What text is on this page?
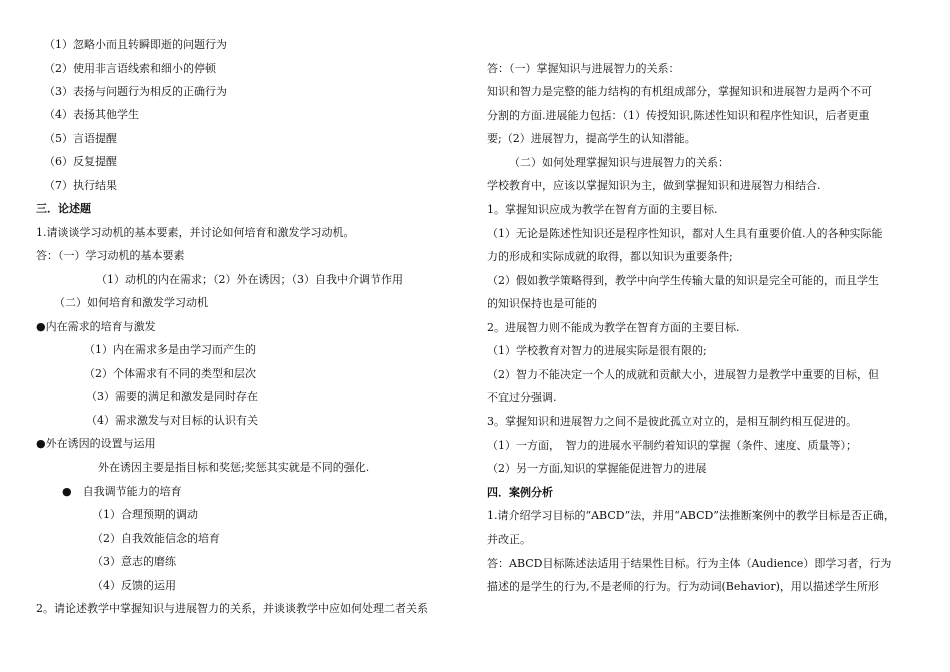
（1）忽略小而且转瞬即逝的问题行为
（2）使用非言语线索和细小的停顿
（3）表扬与问题行为相反的正确行为
（4）表扬其他学生
（5）言语提醒
（6）反复提醒
（7）执行结果
三．论述题
1.请谈谈学习动机的基本要素，并讨论如何培育和激发学习动机。
答：（一）学习动机的基本要素
（1）动机的内在需求；（2）外在诱因；（3）自我中介调节作用
（二）如何培育和激发学习动机
●内在需求的培育与激发
（1）内在需求多是由学习而产生的
（2）个体需求有不同的类型和层次
（3）需要的满足和激发是同时存在
（4）需求激发与对目标的认识有关
●外在诱因的设置与运用
外在诱因主要是指目标和奖惩;奖惩其实就是不同的强化.
●　自我调节能力的培育
（1）合理预期的调动
（2）自我效能信念的培育
（3）意志的磨练
（4）反馈的运用
2。请论述教学中掌握知识与进展智力的关系，并谈谈教学中应如何处理二者关系
答：（一）掌握知识与进展智力的关系：
知识和智力是完整的能力结构的有机组成部分，掌握知识和进展智力是两个不可
分割的方面.进展能力包括：（1）传授知识,陈述性知识和程序性知识，后者更重
要;（2）进展智力，提高学生的认知潜能。
（二）如何处理掌握知识与进展智力的关系：
学校教育中，应该以掌握知识为主，做到掌握知识和进展智力相结合.
1。掌握知识应成为教学在智育方面的主要目标.
（1）无论是陈述性知识还是程序性知识，都对人生具有重要价值.人的各种实际能
力的形成和实际成就的取得，都以知识为重要条件;
（2）假如教学策略得到，教学中向学生传输大量的知识是完全可能的，而且学生
的知识保持也是可能的
2。进展智力则不能成为教学在智育方面的主要目标.
（1）学校教育对智力的进展实际是很有限的;
（2）智力不能决定一个人的成就和贡献大小，进展智力是教学中重要的目标，但
不宜过分强调.
3。掌握知识和进展智力之间不是彼此孤立对立的，是相互制约相互促进的。
（1）一方面，　智力的进展水平制约着知识的掌握（条件、速度、质量等）；
（2）另一方面,知识的掌握能促进智力的进展
四．案例分析
1.请介绍学习目标的“ABCD”法，并用“ABCD”法推断案例中的教学目标是否正确，
并改正。
答：ABCD目标陈述法适用于结果性目标。行为主体（Audience）即学习者，行为
描述的是学生的行为,不是老师的行为。行为动词(Behavior)，用以描述学生所形
